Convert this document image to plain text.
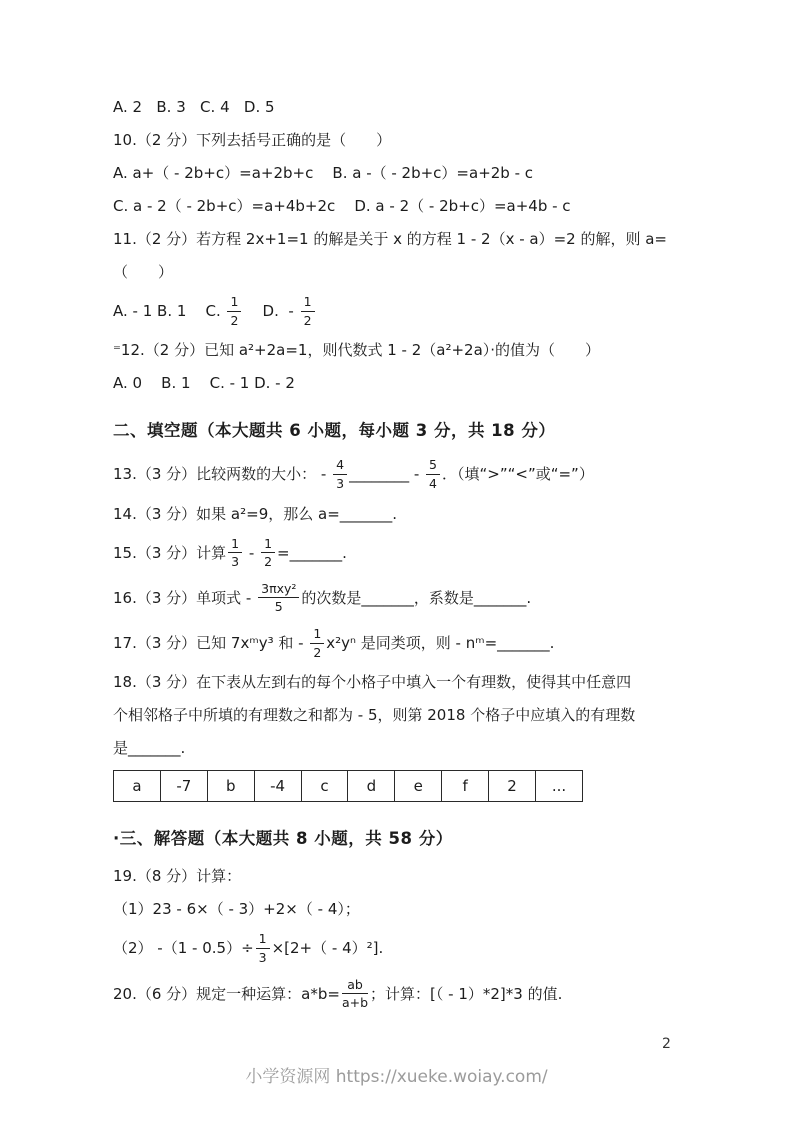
A. 2   B. 3   C. 4   D. 5

10.（2 分）下列去括号正确的是（　　）

A. a+（ - 2b+c）=a+2b+c    B. a -（ - 2b+c）=a+2b - c

C. a - 2（ - 2b+c）=a+4b+2c    D. a - 2（ - 2b+c）=a+4b - c

11.（2 分）若方程 2x+1=1 的解是关于 x 的方程 1 - 2（x - a）=2 的解，则 a=

（　　）

A. - 1 B. 1    C. $\frac{1}{2} D$.  - $\frac{1}{2}$

⁼12.（2 分）已知 a²+2a=1，则代数式 1 - 2（a²+2a）·的值为（　　）

A. 0    B. 1    C. - 1 D. - 2

二、填空题（本大题共 6 小题，每小题 3 分，共 18 分）

13.（3 分）比较两数的大小： - $\frac{4}{3}$ ________ - $\frac{5}{4}$ ．（填“>”“<”或“=”）

14.（3 分）如果 a²=9，那么 a=_______.

15.（3 分）计算 $\frac{1}{3} - \frac{1}{2}$ =_______.

16.（3 分）单项式 - $\frac{\text{3πxy²}}{5}$ 的次数是_______，系数是_______.

17.（3 分）已知 7xᵐy³ 和 - $\frac{1}{2} x^2y^n$ 是同类项，则 - nᵐ=_______.

18.（3 分）在下表从左到右的每个小格子中填入一个有理数，使得其中任意四

个相邻格子中所填的有理数之和都为 - 5，则第 2018 个格子中应填入的有理数

是_______.

a	-7	b	-4	c	d	e	f	2	...

·三、解答题（本大题共 8 小题，共 58 分）

19.（8 分）计算：

（1）23 - 6×（ - 3）+2×（ - 4）；

（2） $-(1 - 0.5)\div \frac{1}{3} \times[2+( - 4)^2]$.

20.（6 分）规定一种运算：$a*b= \frac{ab}{a+b}$ ；计算：[（ - 1）*2]*3 的值.

2
小学资源网 https://xueke.woiay.com/
